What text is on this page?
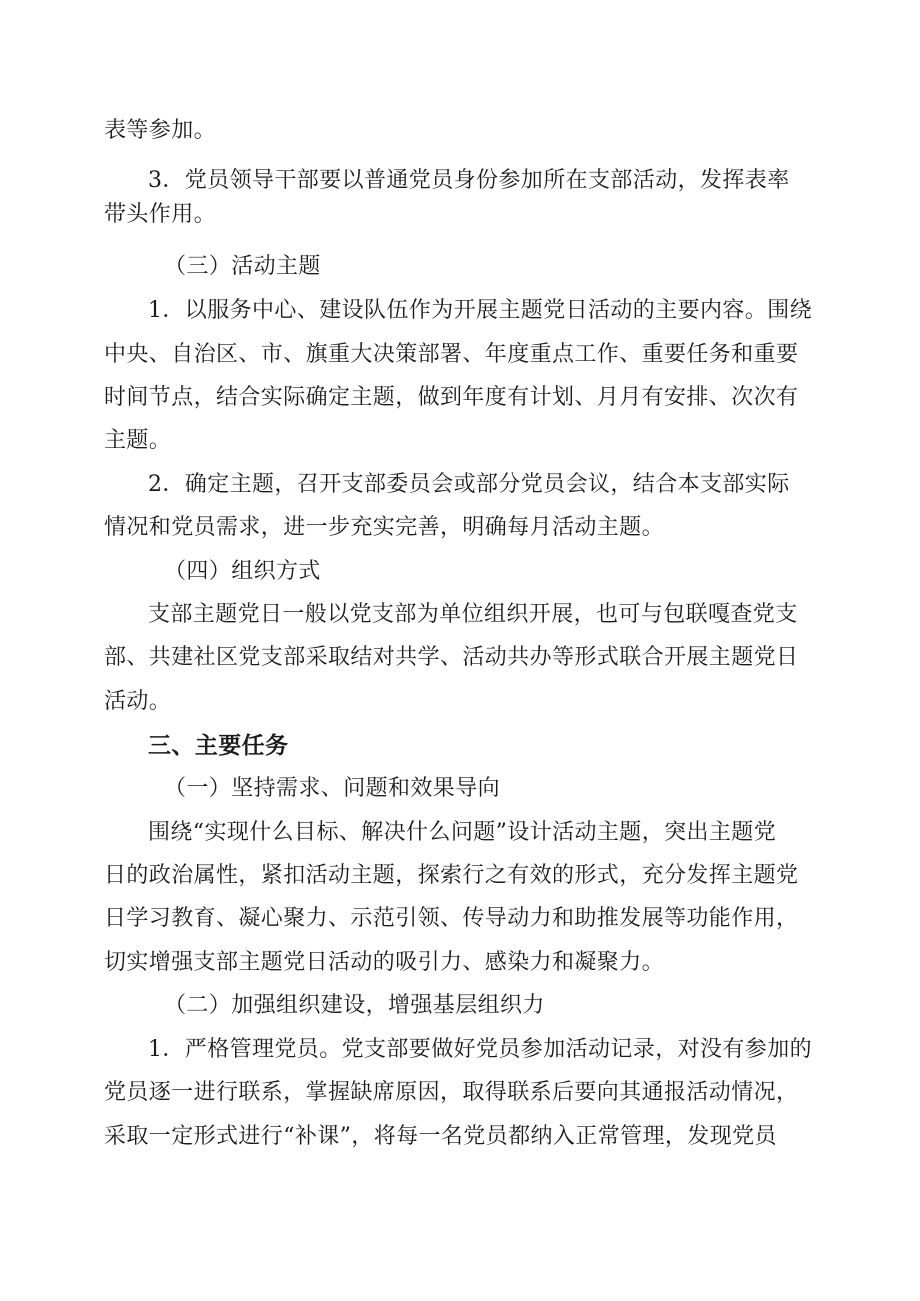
表等参加。
3．党员领导干部要以普通党员身份参加所在支部活动，发挥表率
带头作用。
（三）活动主题
1．以服务中心、建设队伍作为开展主题党日活动的主要内容。围绕
中央、自治区、市、旗重大决策部署、年度重点工作、重要任务和重要
时间节点，结合实际确定主题，做到年度有计划、月月有安排、次次有
主题。
2．确定主题，召开支部委员会或部分党员会议，结合本支部实际
情况和党员需求，进一步充实完善，明确每月活动主题。
（四）组织方式
支部主题党日一般以党支部为单位组织开展，也可与包联嘎查党支
部、共建社区党支部采取结对共学、活动共办等形式联合开展主题党日
活动。
三、主要任务
（一）坚持需求、问题和效果导向
围绕“实现什么目标、解决什么问题”设计活动主题，突出主题党
日的政治属性，紧扣活动主题，探索行之有效的形式，充分发挥主题党
日学习教育、凝心聚力、示范引领、传导动力和助推发展等功能作用，
切实增强支部主题党日活动的吸引力、感染力和凝聚力。
（二）加强组织建设，增强基层组织力
1．严格管理党员。党支部要做好党员参加活动记录，对没有参加的
党员逐一进行联系，掌握缺席原因，取得联系后要向其通报活动情况，
采取一定形式进行“补课”，将每一名党员都纳入正常管理，发现党员
